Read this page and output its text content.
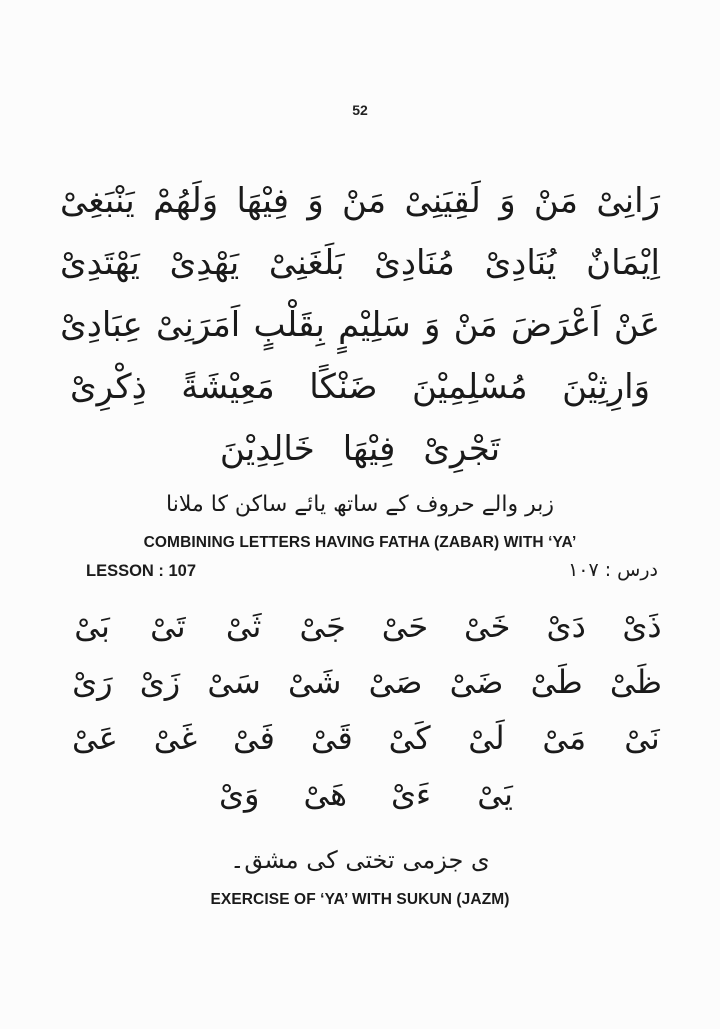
52
يَنْبَغِىْ وَلَهُمْ فِيْهَا وَ مَنْ لَقِيَنِىْ وَ مَنْ رَانِىْ
يَهْتَدِىْ يَهْدِىْ بَلَغَنِىْ مُنَادِىْ يُنَادِىْ اِيْمَانٌ
عِبَادِىْ اَمَرَنِىْ بِقَلْبٍ سَلِيْمٍ وَ مَنْ اَعْرَضَ عَنْ
ذِكْرِىْ مَعِيْشَةً ضَنْكًا مُسْلِمِيْنَ وَارِثِيْنَ
خَالِدِيْنَ فِيْهَا تَجْرِىْ
زبر والے حروف کے ساتھ یائے ساکن کا ملانا
COMBINING LETTERS HAVING FATHA (ZABAR) WITH ‘YA’
LESSON : 107	درس : ۱۰۷
بَىْ تَىْ ثَىْ جَىْ حَىْ خَىْ دَىْ ذَىْ
رَىْ زَىْ سَىْ شَىْ صَىْ ضَىْ طَىْ ظَىْ
عَىْ غَىْ فَىْ قَىْ كَىْ لَىْ مَىْ نَىْ
وَىْ هَىْ ءَىْ يَىْ
ی جزمی تختی کی مشق۔
EXERCISE OF ‘YA’ WITH SUKUN (JAZM)
